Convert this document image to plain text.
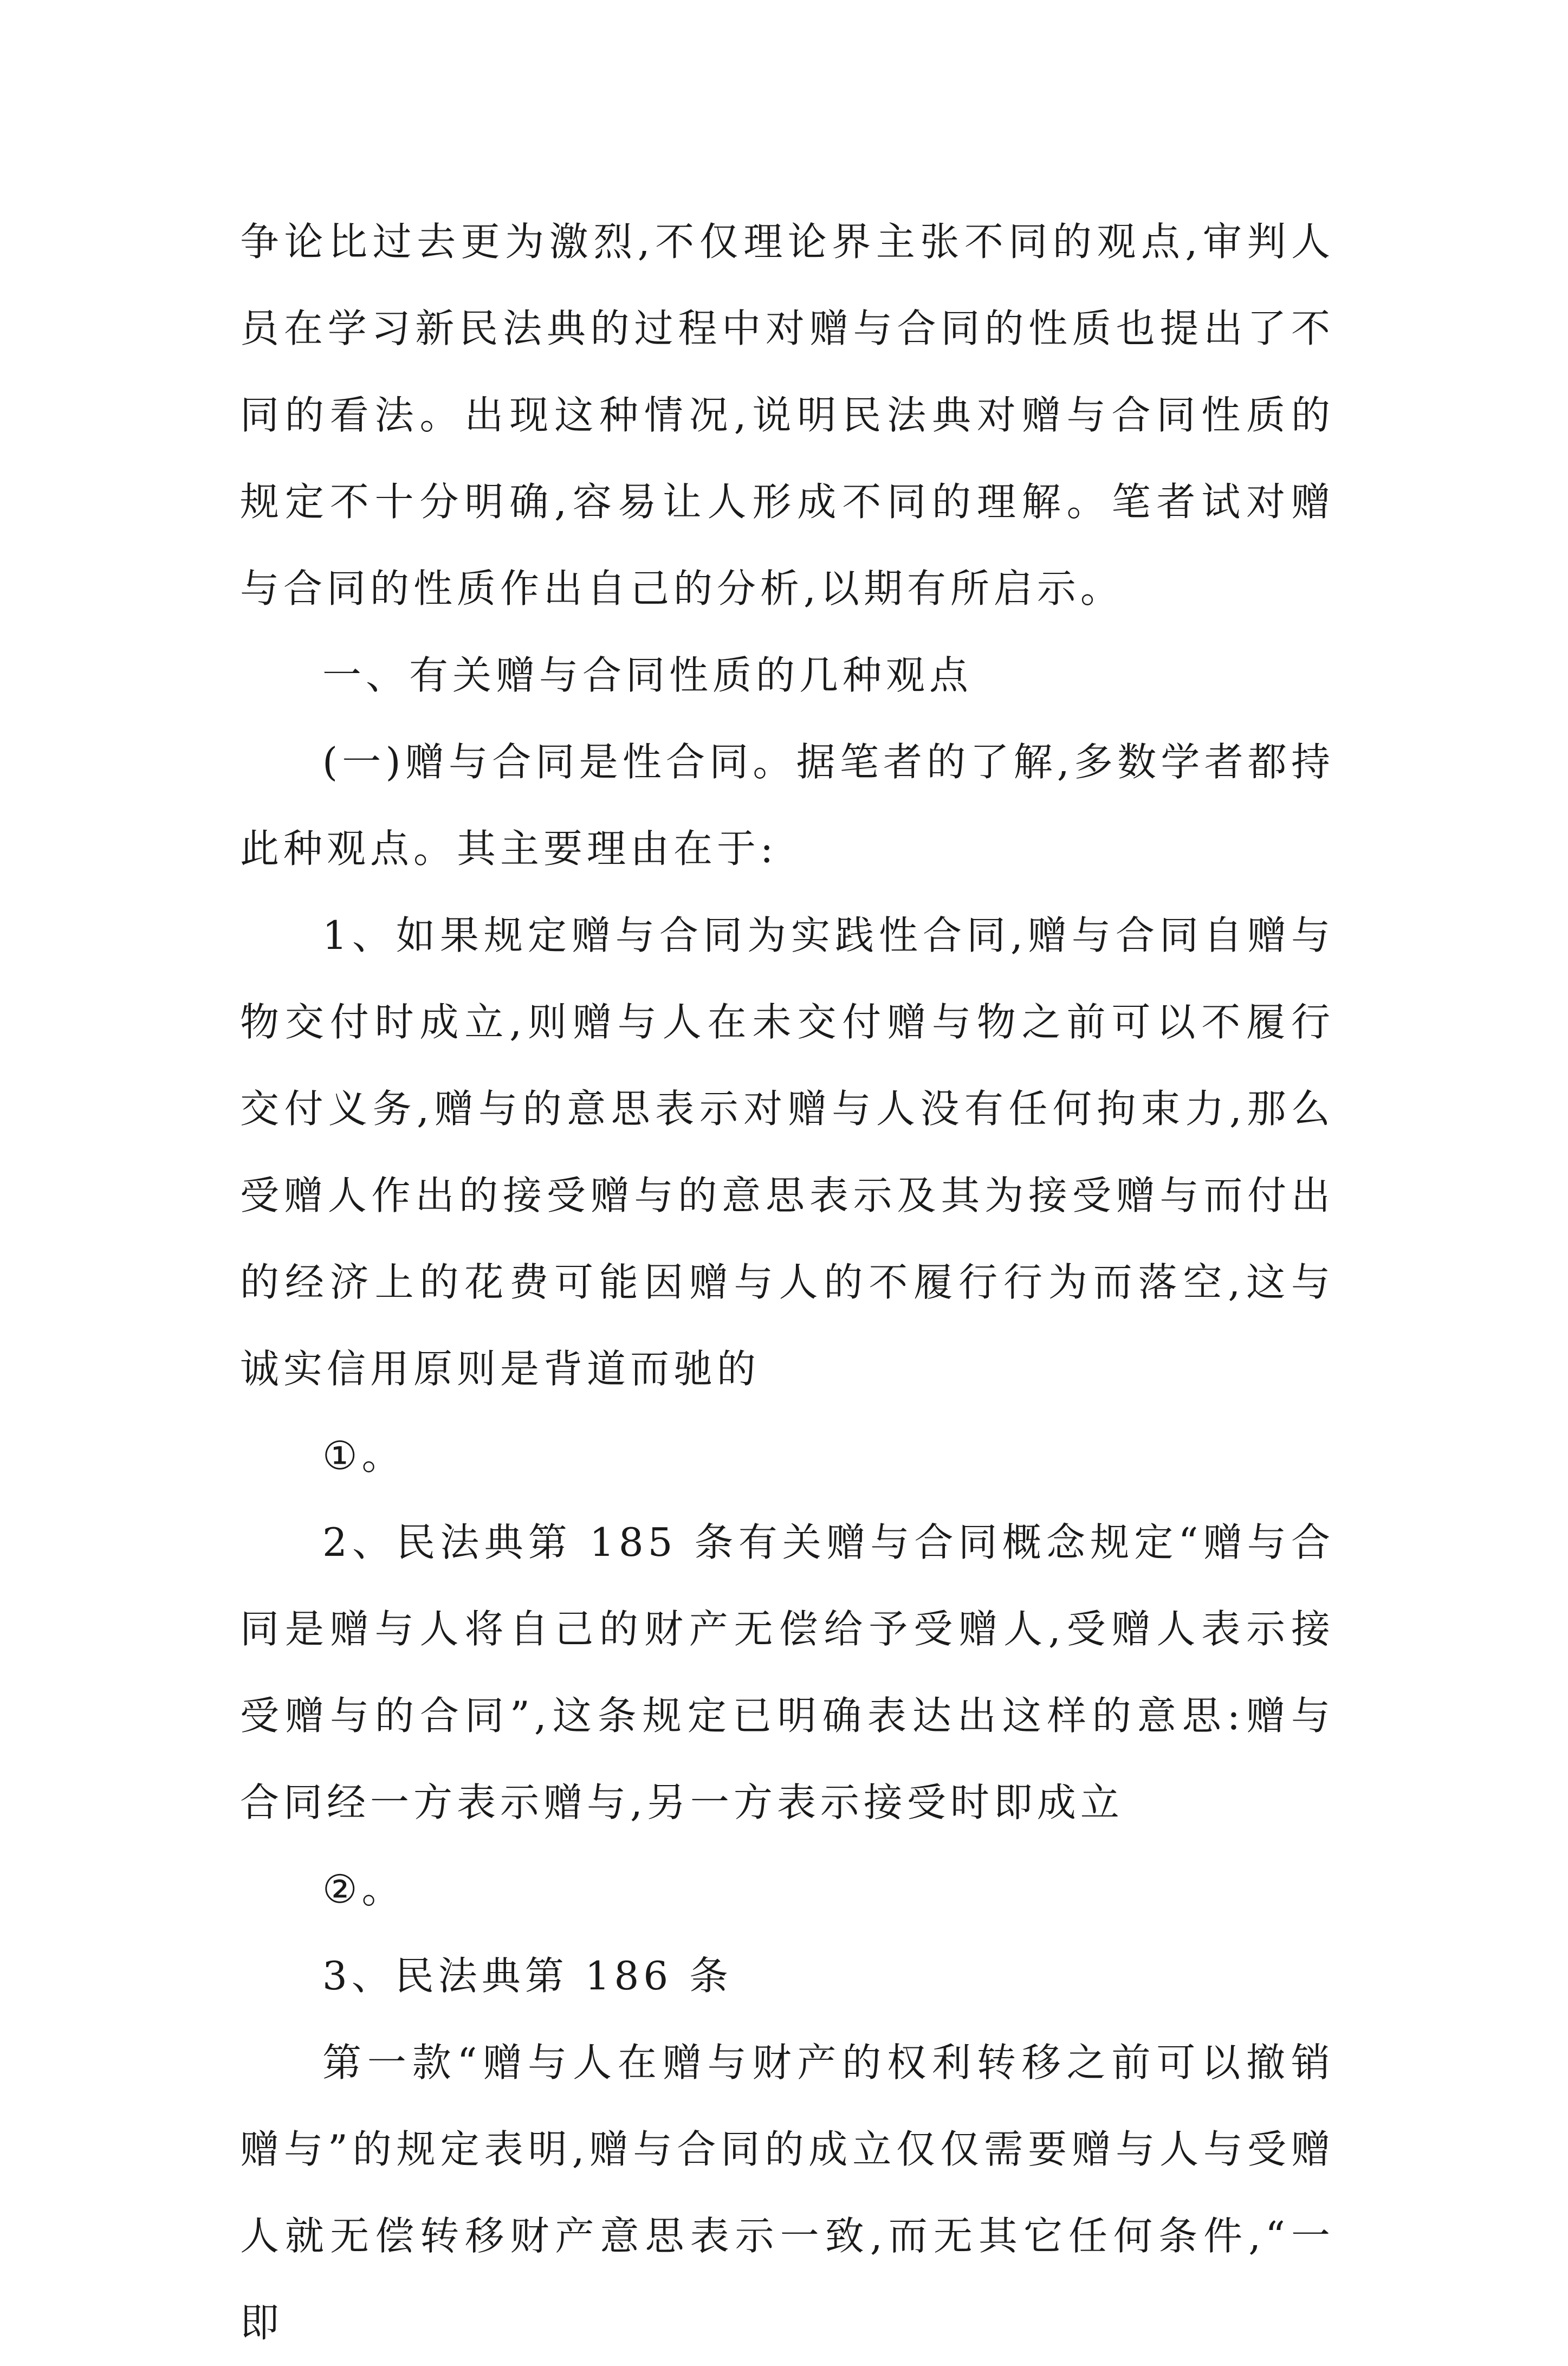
争论比过去更为激烈,不仅理论界主张不同的观点,审判人员在学习新民法典的过程中对赠与合同的性质也提出了不同的看法。出现这种情况,说明民法典对赠与合同性质的规定不十分明确,容易让人形成不同的理解。笔者试对赠与合同的性质作出自己的分析,以期有所启示。

一、有关赠与合同性质的几种观点

(一)赠与合同是性合同。据笔者的了解,多数学者都持此种观点。其主要理由在于:

1、如果规定赠与合同为实践性合同,赠与合同自赠与物交付时成立,则赠与人在未交付赠与物之前可以不履行交付义务,赠与的意思表示对赠与人没有任何拘束力,那么受赠人作出的接受赠与的意思表示及其为接受赠与而付出的经济上的花费可能因赠与人的不履行行为而落空,这与诚实信用原则是背道而驰的

①。

2、民法典第 185 条有关赠与合同概念规定“赠与合同是赠与人将自己的财产无偿给予受赠人,受赠人表示接受赠与的合同”,这条规定已明确表达出这样的意思:赠与合同经一方表示赠与,另一方表示接受时即成立

②。

3、民法典第 186 条

第一款“赠与人在赠与财产的权利转移之前可以撤销赠与”的规定表明,赠与合同的成立仅仅需要赠与人与受赠人就无偿转移财产意思表示一致,而无其它任何条件,“一即
